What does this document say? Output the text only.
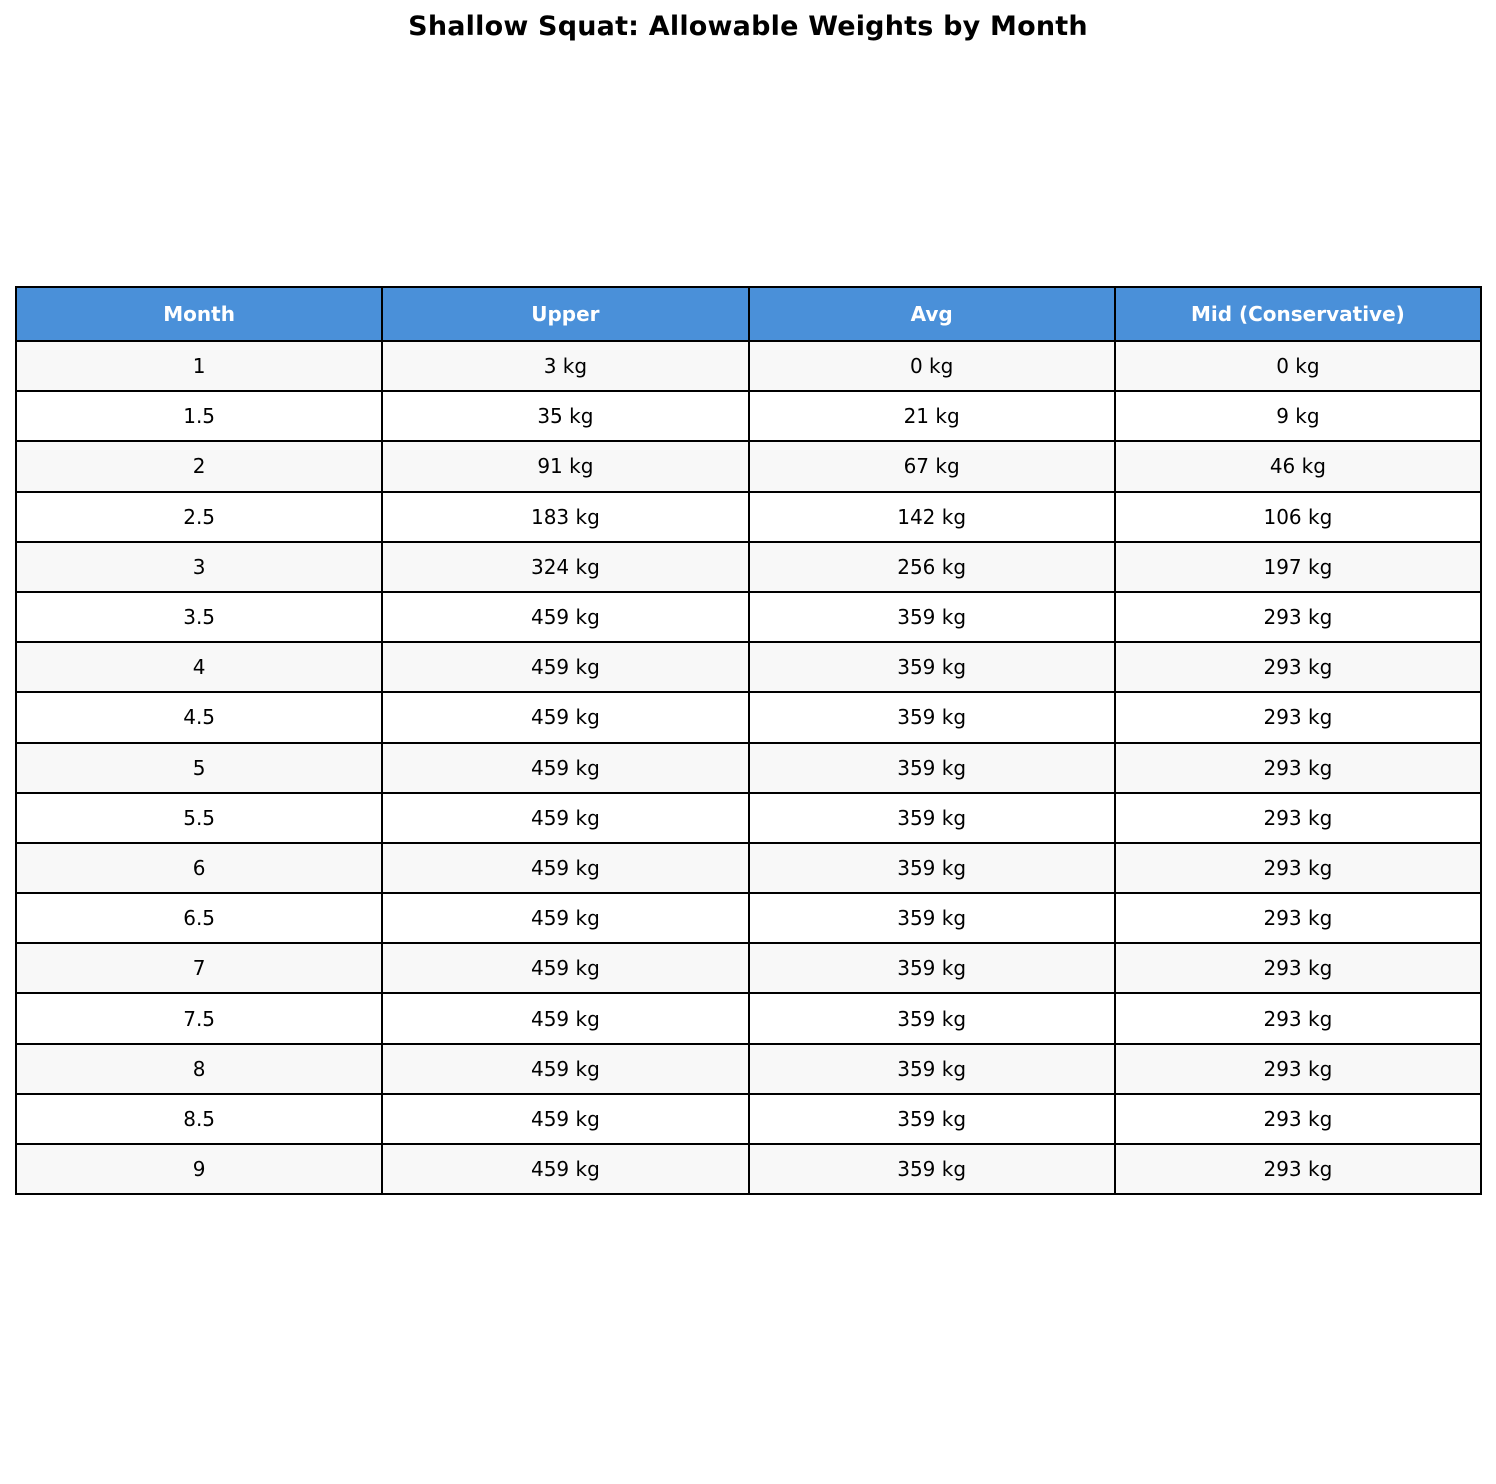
Shallow Squat: Allowable Weights by Month
Month	Upper	Avg	Mid (Conservative)
1	3 kg	0 kg	0 kg
1.5	35 kg	21 kg	9 kg
2	91 kg	67 kg	46 kg
2.5	183 kg	142 kg	106 kg
3	324 kg	256 kg	197 kg
3.5	459 kg	359 kg	293 kg
4	459 kg	359 kg	293 kg
4.5	459 kg	359 kg	293 kg
5	459 kg	359 kg	293 kg
5.5	459 kg	359 kg	293 kg
6	459 kg	359 kg	293 kg
6.5	459 kg	359 kg	293 kg
7	459 kg	359 kg	293 kg
7.5	459 kg	359 kg	293 kg
8	459 kg	359 kg	293 kg
8.5	459 kg	359 kg	293 kg
9	459 kg	359 kg	293 kg
